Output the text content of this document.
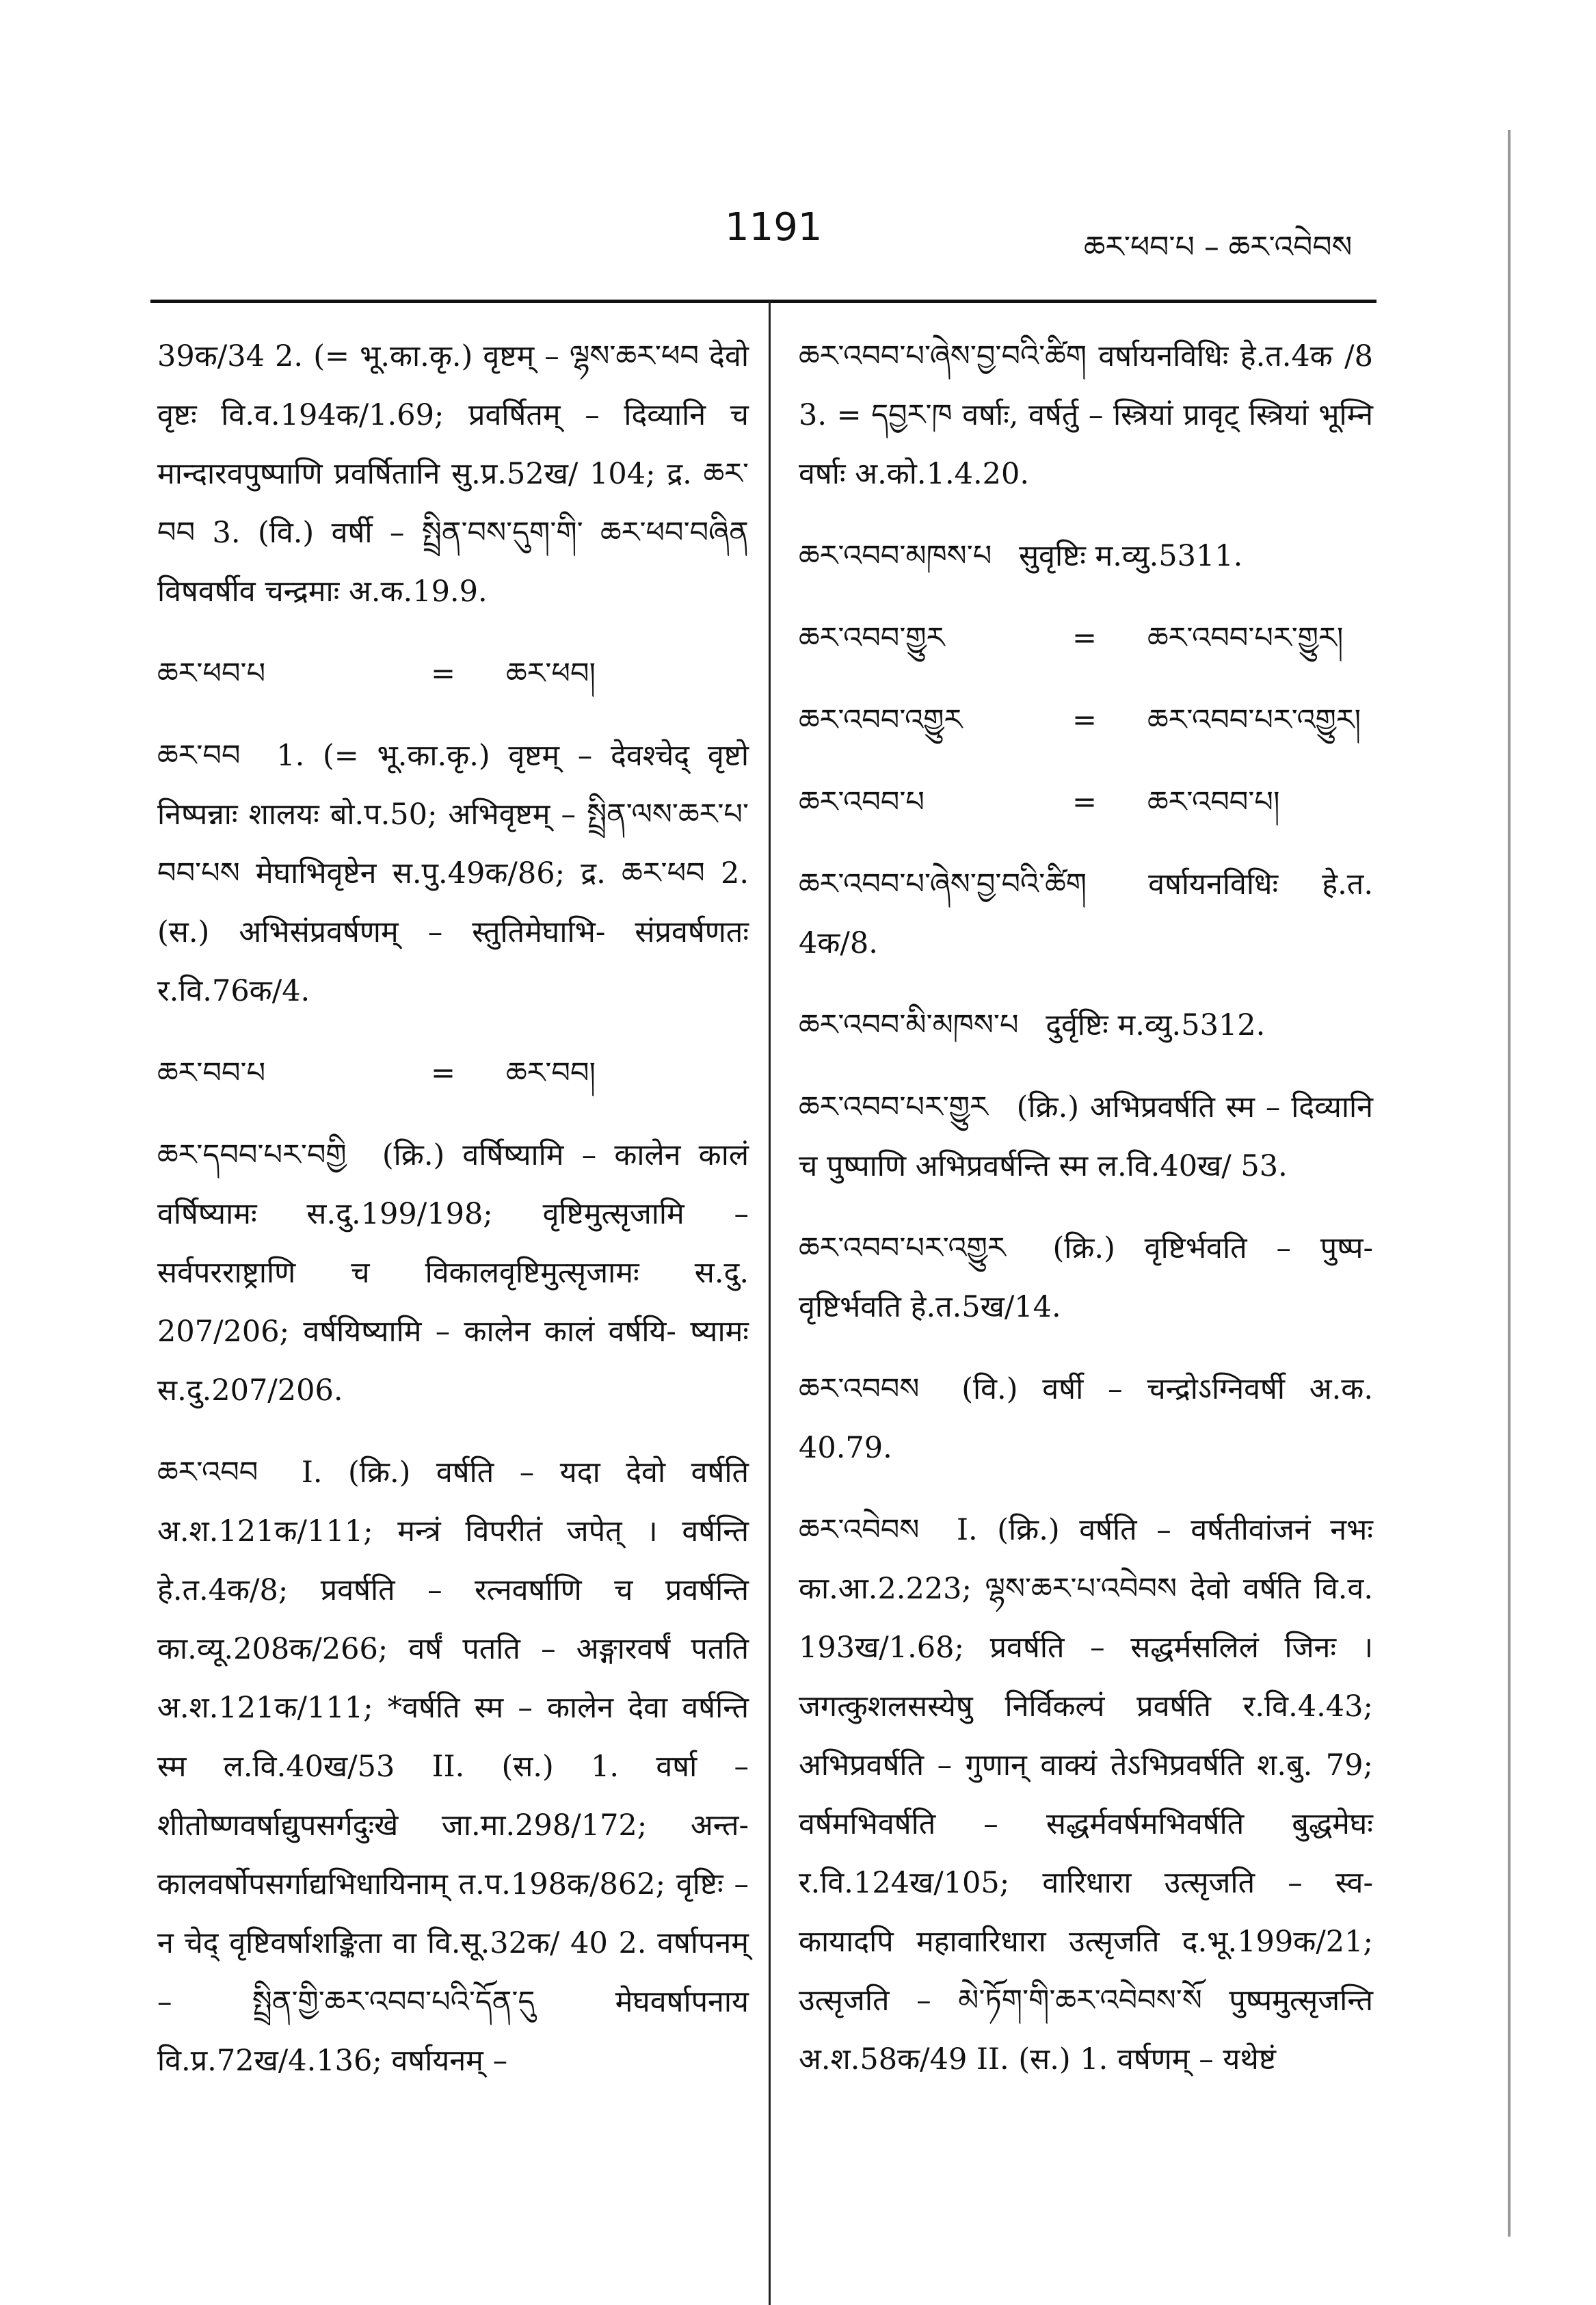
1191	ཆར་ཕབ་པ – ཆར་འབེབས
39क/34 2. (= भू.का.कृ.) वृष्टम् – ལྷས་ཆར་ཕབ देवो वृष्टः वि.व.194क/1.69; प्रवर्षितम् – दिव्यानि च मान्दारवपुष्पाणि प्रवर्षितानि सु.प्र.52ख/ 104; द्र. ཆར་བབ 3. (वि.) वर्षी – སྤྲིན་བས་དུག་གི་ ཆར་ཕབ་བཞིན विषवर्षीव चन्द्रमाः अ.क.19.9.
ཆར་ཕབ་པ	=	ཆར་ཕབ།
ཆར་བབ 1. (= भू.का.कृ.) वृष्टम् – देवश्चेद् वृष्टो निष्पन्नाः शालयः बो.प.50; अभिवृष्टम् – སྤྲིན་ལས་ཆར་པ་བབ་པས मेघाभिवृष्टेन स.पु.49क/86; द्र. ཆར་ཕབ 2. (स.) अभिसंप्रवर्षणम् – स्तुतिमेघाभि- संप्रवर्षणतः र.वि.76क/4.
ཆར་བབ་པ	=	ཆར་བབ།
ཆར་དབབ་པར་བགྱི (क्रि.) वर्षिष्यामि – कालेन कालं वर्षिष्यामः स.दु.199/198; वृष्टिमुत्सृजामि – सर्वपरराष्ट्राणि च विकालवृष्टिमुत्सृजामः स.दु. 207/206; वर्षयिष्यामि – कालेन कालं वर्षयि- ष्यामः स.दु.207/206.
ཆར་འབབ I. (क्रि.) वर्षति – यदा देवो वर्षति अ.श.121क/111; मन्त्रं विपरीतं जपेत् । वर्षन्ति हे.त.4क/8; प्रवर्षति – रत्नवर्षाणि च प्रवर्षन्ति का.व्यू.208क/266; वर्षं पतति – अङ्गारवर्षं पतति अ.श.121क/111; *वर्षति स्म – कालेन देवा वर्षन्ति स्म ल.वि.40ख/53 II. (स.) 1. वर्षा – शीतोष्णवर्षाद्युपसर्गदुःखे जा.मा.298/172; अन्त- कालवर्षोपसर्गाद्यभिधायिनाम् त.प.198क/862; वृष्टिः – न चेद् वृष्टिवर्षाशङ्किता वा वि.सू.32क/ 40 2. वर्षापनम् – སྤྲིན་གྱི་ཆར་འབབ་པའི་དོན་དུ मेघवर्षापनाय वि.प्र.72ख/4.136; वर्षायनम् –
ཆར་འབབ་པ་ཞེས་བྱ་བའི་ཚིག वर्षायनविधिः हे.त.4क /8 3. = དབྱར་ཁ वर्षाः, वर्षर्तु – स्त्रियां प्रावृट् स्त्रियां भूम्नि वर्षाः अ.को.1.4.20.
ཆར་འབབ་མཁས་པ सुवृष्टिः म.व्यु.5311.
ཆར་འབབ་གྱུར	=	ཆར་འབབ་པར་གྱུར།
ཆར་འབབ་འགྱུར	=	ཆར་འབབ་པར་འགྱུར།
ཆར་འབབ་པ	=	ཆར་འབབ་པ།
ཆར་འབབ་པ་ཞེས་བྱ་བའི་ཚིག वर्षायनविधिः हे.त. 4क/8.
ཆར་འབབ་མི་མཁས་པ दुर्वृष्टिः म.व्यु.5312.
ཆར་འབབ་པར་གྱུར (क्रि.) अभिप्रवर्षति स्म – दिव्यानि च पुष्पाणि अभिप्रवर्षन्ति स्म ल.वि.40ख/ 53.
ཆར་འབབ་པར་འགྱུར (क्रि.) वृष्टिर्भवति – पुष्प- वृष्टिर्भवति हे.त.5ख/14.
ཆར་འབབས (वि.) वर्षी – चन्द्रोऽग्निवर्षी अ.क. 40.79.
ཆར་འབེབས I. (क्रि.) वर्षति – वर्षतीवांजनं नभः का.आ.2.223; ལྷས་ཆར་པ་འབེབས देवो वर्षति वि.व. 193ख/1.68; प्रवर्षति – सद्धर्मसलिलं जिनः । जगत्कुशलसस्येषु निर्विकल्पं प्रवर्षति र.वि.4.43; अभिप्रवर्षति – गुणान् वाक्यं तेऽभिप्रवर्षति श.बु. 79; वर्षमभिवर्षति – सद्धर्मवर्षमभिवर्षति बुद्धमेघः र.वि.124ख/105; वारिधारा उत्सृजति – स्व- कायादपि महावारिधारा उत्सृजति द.भू.199क/21; उत्सृजति – མེ་ཏོག་གི་ཆར་འབེབས་སོ पुष्पमुत्सृजन्ति अ.श.58क/49 II. (स.) 1. वर्षणम् – यथेष्टं
